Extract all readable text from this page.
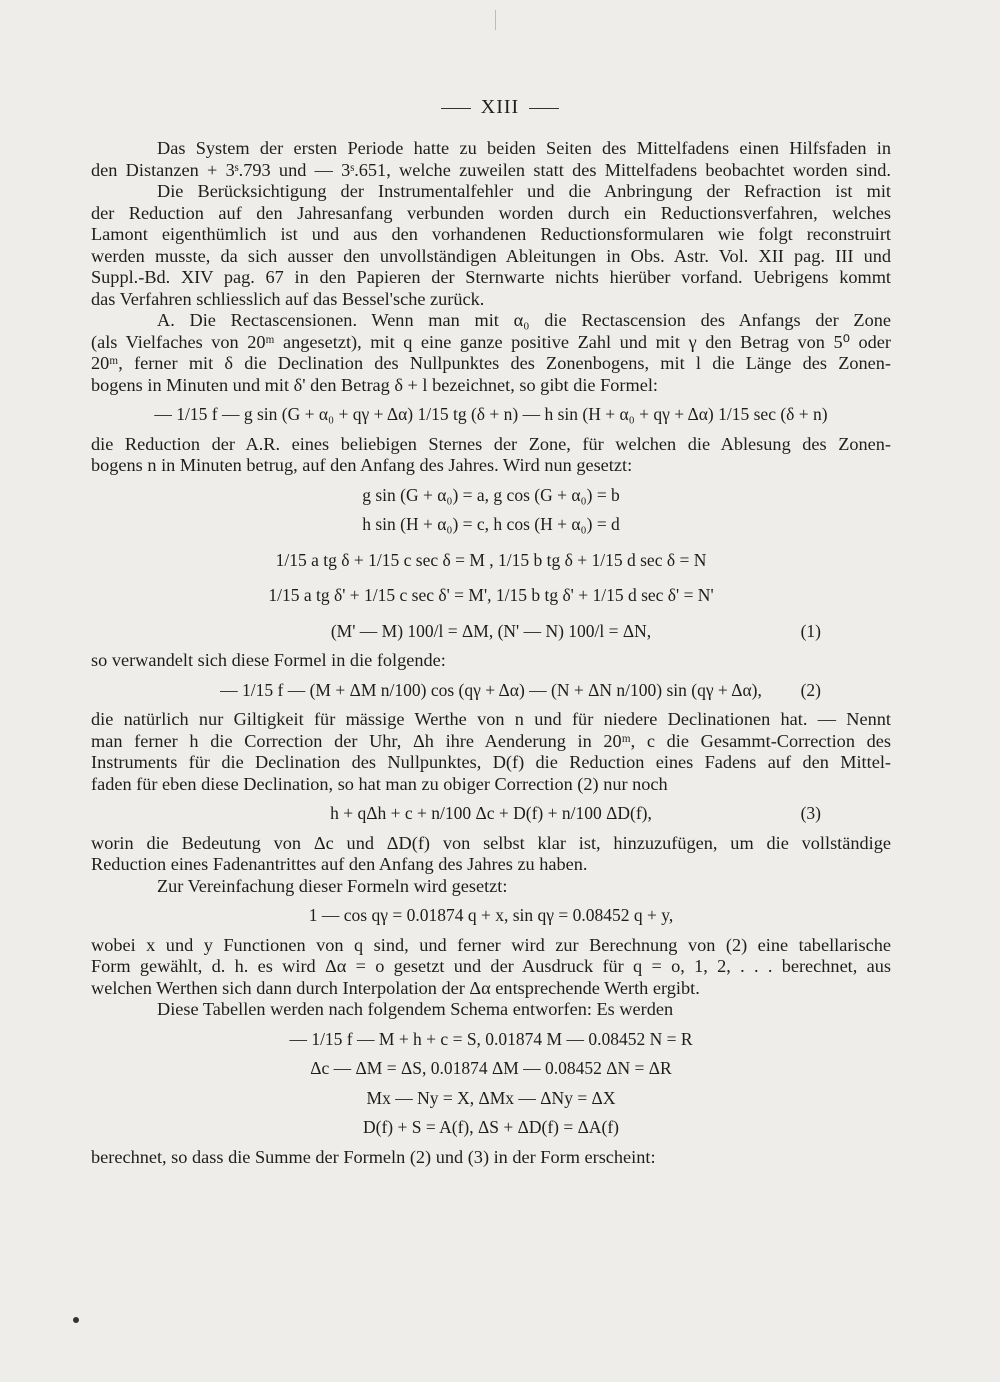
XIII
Das System der ersten Periode hatte zu beiden Seiten des Mittelfadens einen Hilfsfaden in
den Distanzen + 3ˢ.793 und — 3ˢ.651, welche zuweilen statt des Mittelfadens beobachtet worden sind.
Die Berücksichtigung der Instrumentalfehler und die Anbringung der Refraction ist mit
der Reduction auf den Jahresanfang verbunden worden durch ein Reductionsverfahren, welches
Lamont eigenthümlich ist und aus den vorhandenen Reductionsformularen wie folgt reconstruirt
werden musste, da sich ausser den unvollständigen Ableitungen in Obs. Astr. Vol. XII pag. III und
Suppl.-Bd. XIV pag. 67 in den Papieren der Sternwarte nichts hierüber vorfand. Uebrigens kommt
das Verfahren schliesslich auf das Bessel'sche zurück.
A. Die Rectascensionen. Wenn man mit α₀ die Rectascension des Anfangs der Zone
(als Vielfaches von 20ᵐ angesetzt), mit q eine ganze positive Zahl und mit γ den Betrag von 5⁰ oder
20ᵐ, ferner mit δ die Declination des Nullpunktes des Zonenbogens, mit l die Länge des Zonen-
bogens in Minuten und mit δ' den Betrag δ + l bezeichnet, so gibt die Formel:
— 1/15 f — g sin (G + α₀ + qγ + Δα) 1/15 tg (δ + n) — h sin (H + α₀ + qγ + Δα) 1/15 sec (δ + n)
die Reduction der A.R. eines beliebigen Sternes der Zone, für welchen die Ablesung des Zonen-
bogens n in Minuten betrug, auf den Anfang des Jahres. Wird nun gesetzt:
g sin (G + α₀) = a, g cos (G + α₀) = b
h sin (H + α₀) = c, h cos (H + α₀) = d
1/15 a tg δ + 1/15 c sec δ = M , 1/15 b tg δ + 1/15 d sec δ = N
1/15 a tg δ' + 1/15 c sec δ' = M', 1/15 b tg δ' + 1/15 d sec δ' = N'
(M' — M) 100/l = ΔM, (N' — N) 100/l = ΔN,	(1)
so verwandelt sich diese Formel in die folgende:
— 1/15 f — (M + ΔM n/100) cos (qγ + Δα) — (N + ΔN n/100) sin (qγ + Δα), (2)
die natürlich nur Giltigkeit für mässige Werthe von n und für niedere Declinationen hat. — Nennt
man ferner h die Correction der Uhr, Δh ihre Aenderung in 20ᵐ, c die Gesammt-Correction des
Instruments für die Declination des Nullpunktes, D(f) die Reduction eines Fadens auf den Mittel-
faden für eben diese Declination, so hat man zu obiger Correction (2) nur noch
h + qΔh + c + n/100 Δc + D(f) + n/100 ΔD(f),	(3)
worin die Bedeutung von Δc und ΔD(f) von selbst klar ist, hinzuzufügen, um die vollständige
Reduction eines Fadenantrittes auf den Anfang des Jahres zu haben.
Zur Vereinfachung dieser Formeln wird gesetzt:
1 — cos qγ = 0.01874 q + x, sin qγ = 0.08452 q + y,
wobei x und y Functionen von q sind, und ferner wird zur Berechnung von (2) eine tabellarische
Form gewählt, d. h. es wird Δα = o gesetzt und der Ausdruck für q = o, 1, 2, . . . berechnet, aus
welchen Werthen sich dann durch Interpolation der Δα entsprechende Werth ergibt.
Diese Tabellen werden nach folgendem Schema entworfen: Es werden
— 1/15 f — M + h + c = S, 0.01874 M — 0.08452 N = R
Δc — ΔM = ΔS, 0.01874 ΔM — 0.08452 ΔN = ΔR
Mx — Ny = X, ΔMx — ΔNy = ΔX
D(f) + S = A(f), ΔS + ΔD(f) = ΔA(f)
berechnet, so dass die Summe der Formeln (2) und (3) in der Form erscheint:
